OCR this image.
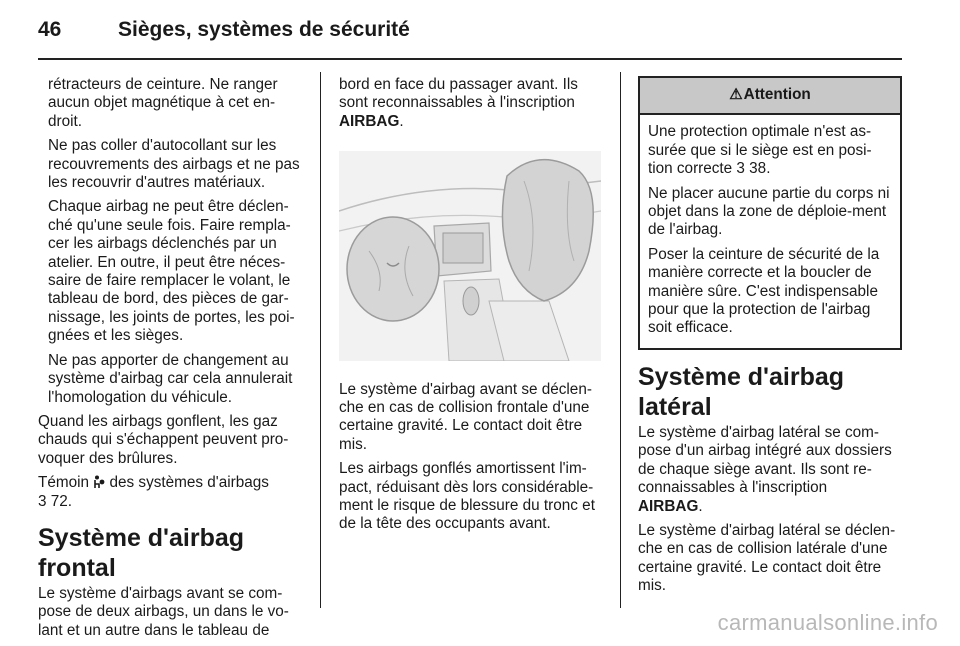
46	Sièges, systèmes de sécurité

rétracteurs de ceinture. Ne ranger aucun objet magnétique à cet en-droit.

Ne pas coller d'autocollant sur les recouvrements des airbags et ne pas les recouvrir d'autres matériaux.

Chaque airbag ne peut être déclen-ché qu'une seule fois. Faire rempla-cer les airbags déclenchés par un atelier. En outre, il peut être néces-saire de faire remplacer le volant, le tableau de bord, des pièces de gar-nissage, les joints de portes, les poi-gnées et les sièges.

Ne pas apporter de changement au système d'airbag car cela annulerait l'homologation du véhicule.

Quand les airbags gonflent, les gaz chauds qui s'échappent peuvent pro-voquer des brûlures.

Témoin des systèmes d'airbags
3 72.

Système d'airbag frontal

Le système d'airbags avant se com-pose de deux airbags, un dans le vo-lant et un autre dans le tableau de

bord en face du passager avant. Ils sont reconnaissables à l'inscription
AIRBAG.

Le système d'airbag avant se déclen-che en cas de collision frontale d'une certaine gravité. Le contact doit être mis.

Les airbags gonflés amortissent l'im-pact, réduisant dès lors considérable-ment le risque de blessure du tronc et de la tête des occupants avant.

⚠Attention

Une protection optimale n'est as-surée que si le siège est en posi-tion correcte 3 38.

Ne placer aucune partie du corps ni objet dans la zone de déploie-ment de l'airbag.

Poser la ceinture de sécurité de la manière correcte et la boucler de manière sûre. C'est indispensable pour que la protection de l'airbag soit efficace.

Système d'airbag latéral

Le système d'airbag latéral se com-pose d'un airbag intégré aux dossiers de chaque siège avant. Ils sont re-connaissables à l'inscription
AIRBAG.

Le système d'airbag latéral se déclen-che en cas de collision latérale d'une certaine gravité. Le contact doit être mis.

carmanualsonline.info
